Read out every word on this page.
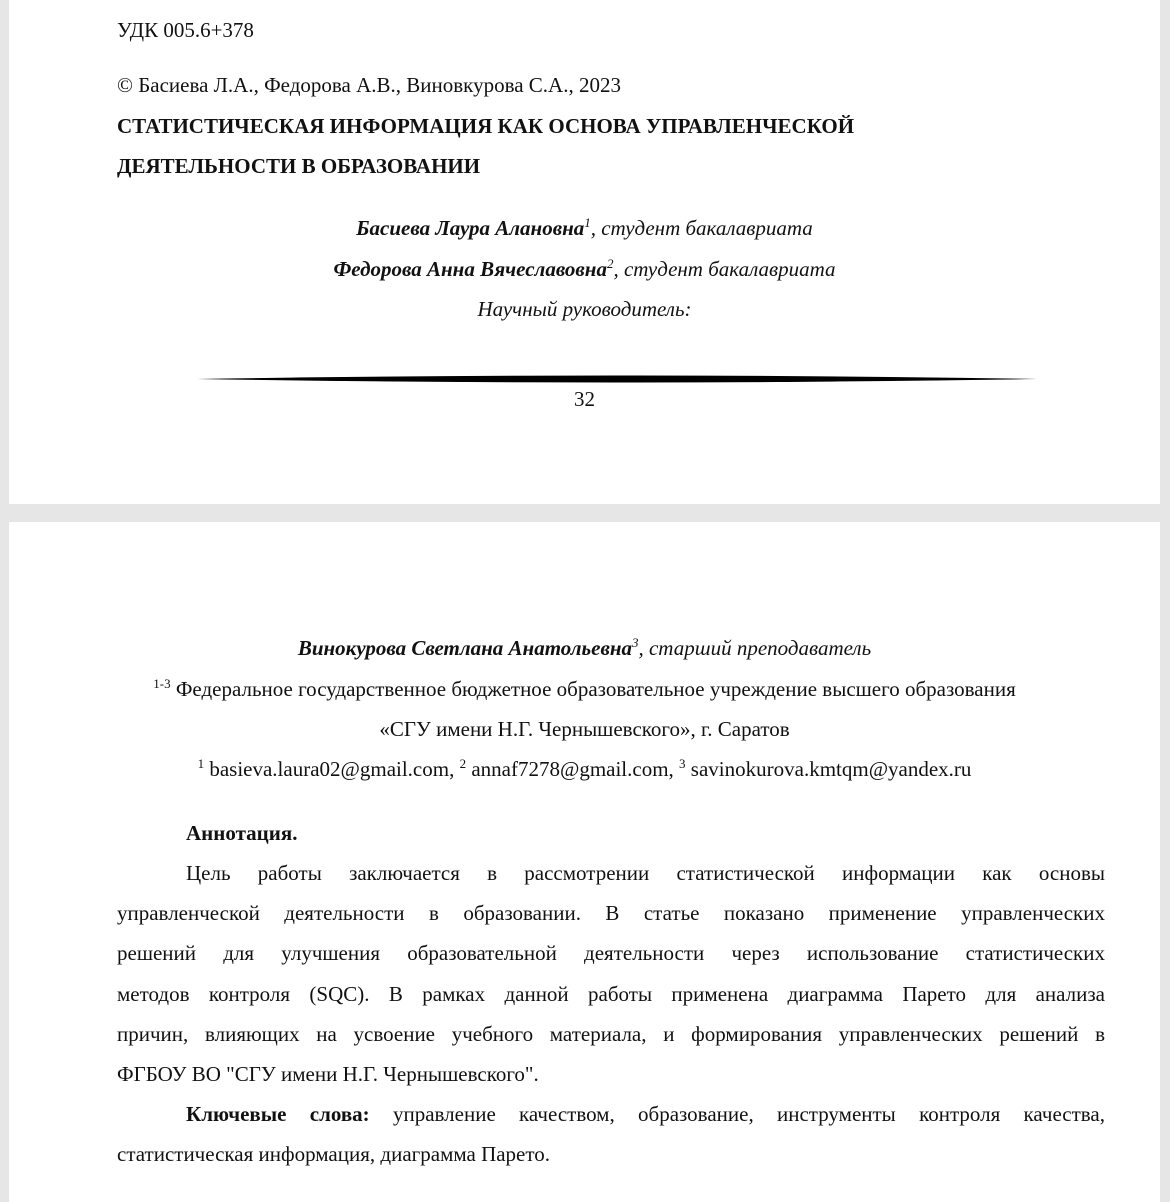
УДК 005.6+378
© Басиева Л.А., Федорова А.В., Виновкурова С.А., 2023
СТАТИСТИЧЕСКАЯ ИНФОРМАЦИЯ КАК ОСНОВА УПРАВЛЕНЧЕСКОЙ
ДЕЯТЕЛЬНОСТИ В ОБРАЗОВАНИИ
Басиева Лаура Алановна$^1$, студент бакалавриата
Федорова Анна Вячеславовна$^2$, студент бакалавриата
Научный руководитель:
32
Винокурова Светлана Анатольевна$^3$, старший преподаватель
$^{1-3}$ Федеральное государственное бюджетное образовательное учреждение высшего образования
«СГУ имени Н.Г. Чернышевского», г. Саратов
$^1$ basieva.laura02@gmail.com, $^2$ annaf7278@gmail.com, $^3$ savinokurova.kmtqm@yandex.ru
Аннотация.
Цель работы заключается в рассмотрении статистической информации как основы
управленческой деятельности в образовании. В статье показано применение управленческих
решений для улучшения образовательной деятельности через использование статистических
методов контроля (SQC). В рамках данной работы применена диаграмма Парето для анализа
причин, влияющих на усвоение учебного материала, и формирования управленческих решений в
ФГБОУ ВО "СГУ имени Н.Г. Чернышевского".
Ключевые слова: управление качеством, образование, инструменты контроля качества,
статистическая информация, диаграмма Парето.
